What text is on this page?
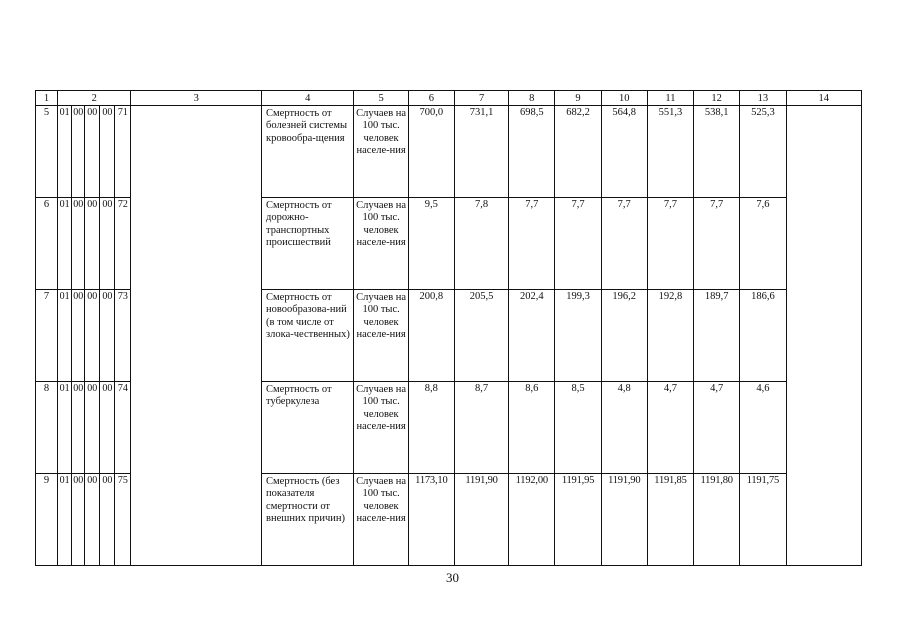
1	2					3	4	5	6	7	8	9	10	11	12	13	14
5	01	00	00	00	71		Смертность от болезней системы кровообра-щения	Случаев на 100 тыс. человек населе-ния	700,0	731,1	698,5	682,2	564,8	551,3	538,1	525,3	
6	01	00	00	00	72		Смертность от дорожно-транспортных происшествий	Случаев на 100 тыс. человек населе-ния	9,5	7,8	7,7	7,7	7,7	7,7	7,7	7,6	
7	01	00	00	00	73		Смертность от новообразова-ний (в том числе от злока-чественных)	Случаев на 100 тыс. человек населе-ния	200,8	205,5	202,4	199,3	196,2	192,8	189,7	186,6	
8	01	00	00	00	74		Смертность от туберкулеза	Случаев на 100 тыс. человек населе-ния	8,8	8,7	8,6	8,5	4,8	4,7	4,7	4,6	
9	01	00	00	00	75		Смертность (без показателя смертности от внешних причин)	Случаев на 100 тыс. человек населе-ния	1173,10	1191,90	1192,00	1191,95	1191,90	1191,85	1191,80	1191,75	
30
